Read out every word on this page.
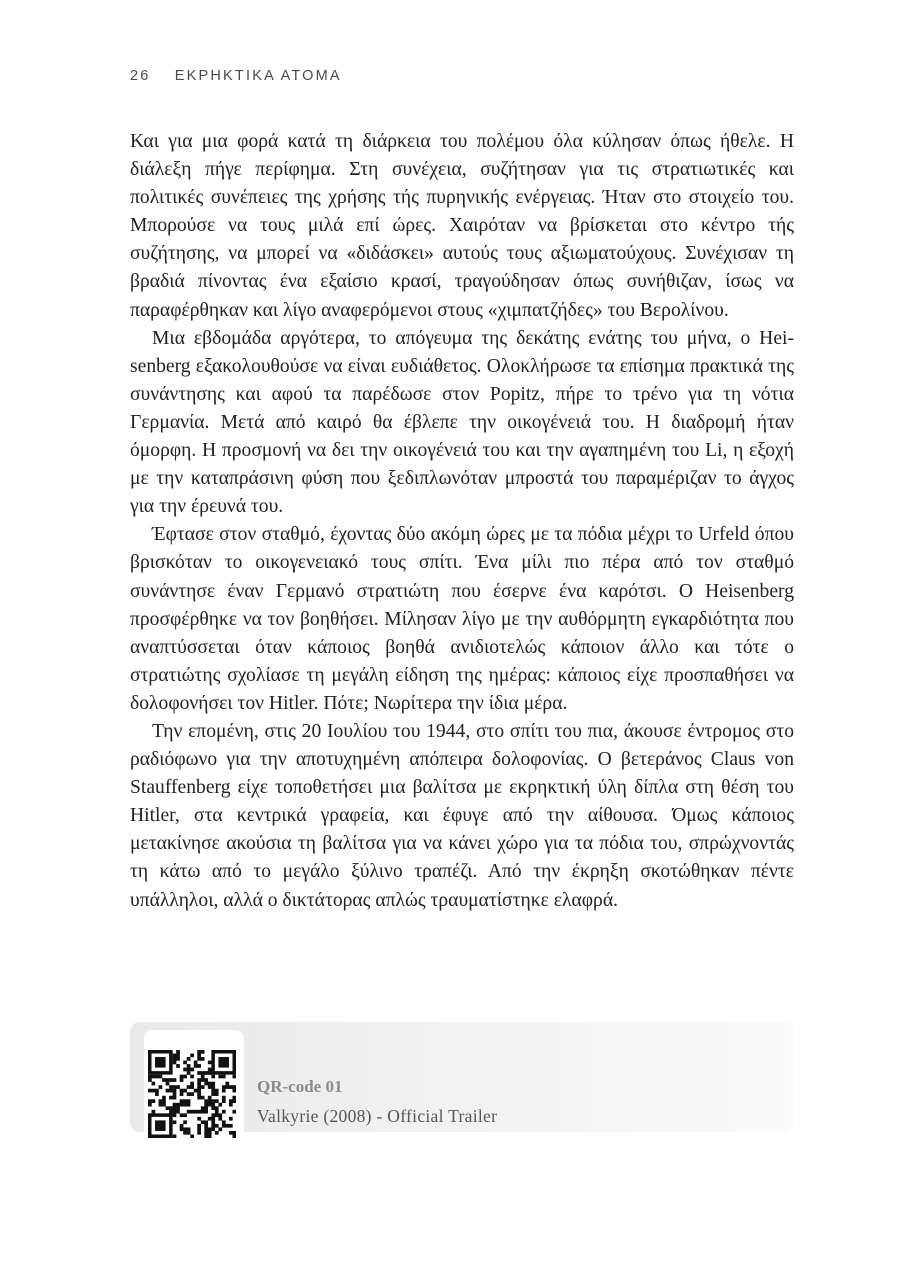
26 ΕΚΡΗΚΤΙΚΑ ΑΤΟΜΑ

Και για μια φορά κατά τη διάρκεια του πολέμου όλα κύλησαν όπως ήθελε. Η διάλεξη πήγε περίφημα. Στη συνέχεια, συζήτησαν για τις στρατιωτικές και πολιτικές συνέπειες της χρήσης τής πυρηνικής ενέργειας. Ήταν στο στοιχείο του. Μπορούσε να τους μιλά επί ώρες. Χαιρόταν να βρίσκεται στο κέντρο τής συζήτησης, να μπορεί να «διδάσκει» αυτούς τους αξιωματούχους. Συνέχισαν τη βραδιά πίνοντας ένα εξαίσιο κρασί, τραγούδησαν όπως συνήθιζαν, ίσως να παραφέρθηκαν και λίγο αναφερόμενοι στους «χιμπατζήδες» του Βερολίνου.

Μια εβδομάδα αργότερα, το απόγευμα της δεκάτης ενάτης του μήνα, ο Heisenberg εξακολουθούσε να είναι ευδιάθετος. Ολοκλήρωσε τα επίσημα πρακτικά της συνάντησης και αφού τα παρέδωσε στον Popitz, πήρε το τρένο για τη νότια Γερμανία. Μετά από καιρό θα έβλεπε την οικογένειά του. Η διαδρομή ήταν όμορφη. Η προσμονή να δει την οικογένειά του και την αγαπημένη του Li, η εξοχή με την καταπράσινη φύση που ξεδιπλωνόταν μπροστά του παραμέριζαν το άγχος για την έρευνά του.

Έφτασε στον σταθμό, έχοντας δύο ακόμη ώρες με τα πόδια μέχρι το Urfeld όπου βρισκόταν το οικογενειακό τους σπίτι. Ένα μίλι πιο πέρα από τον σταθμό συνάντησε έναν Γερμανό στρατιώτη που έσερνε ένα καρότσι. Ο Heisenberg προσφέρθηκε να τον βοηθήσει. Μίλησαν λίγο με την αυθόρμητη εγκαρδιότητα που αναπτύσσεται όταν κάποιος βοηθά ανιδιοτελώς κάποιον άλλο και τότε ο στρατιώτης σχολίασε τη μεγάλη είδηση της ημέρας: κάποιος είχε προσπαθήσει να δολοφονήσει τον Hitler. Πότε; Νωρίτερα την ίδια μέρα.

Την επομένη, στις 20 Ιουλίου του 1944, στο σπίτι του πια, άκουσε έντρομος στο ραδιόφωνο για την αποτυχημένη απόπειρα δολοφονίας. Ο βετεράνος Claus von Stauffenberg είχε τοποθετήσει μια βαλίτσα με εκρηκτική ύλη δίπλα στη θέση του Hitler, στα κεντρικά γραφεία, και έφυγε από την αίθουσα. Όμως κάποιος μετακίνησε ακούσια τη βαλίτσα για να κάνει χώρο για τα πόδια του, σπρώχνοντάς τη κάτω από το μεγάλο ξύλινο τραπέζι. Από την έκρηξη σκοτώθηκαν πέντε υπάλληλοι, αλλά ο δικτάτορας απλώς τραυματίστηκε ελαφρά.

QR-code 01
Valkyrie (2008) - Official Trailer
